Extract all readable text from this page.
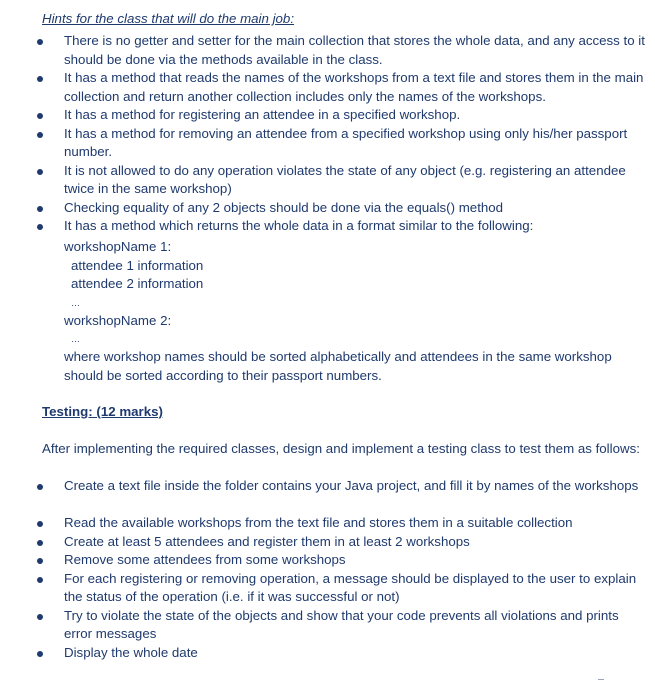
Hints for the class that will do the main job:
There is no getter and setter for the main collection that stores the whole data, and any access to it should be done via the methods available in the class.
It has a method that reads the names of the workshops from a text file and stores them in the main collection and return another collection includes only the names of the workshops.
It has a method for registering an attendee in a specified workshop.
It has a method for removing an attendee from a specified workshop using only his/her passport number.
It is not allowed to do any operation violates the state of any object (e.g. registering an attendee twice in the same workshop)
Checking equality of any 2 objects should be done via the equals() method
It has a method which returns the whole data in a format similar to the following:
workshopName 1:
attendee 1 information
attendee 2 information
…
workshopName 2:
…
where workshop names should be sorted alphabetically and attendees in the same workshop should be sorted according to their passport numbers.
Testing: (12 marks)
After implementing the required classes, design and implement a testing class to test them as follows:
Create a text file inside the folder contains your Java project, and fill it by names of the workshops
Read the available workshops from the text file and stores them in a suitable collection
Create at least 5 attendees and register them in at least 2 workshops
Remove some attendees from some workshops
For each registering or removing operation, a message should be displayed to the user to explain the status of the operation (i.e. if it was successful or not)
Try to violate the state of the objects and show that your code prevents all violations and prints error messages
Display the whole date
